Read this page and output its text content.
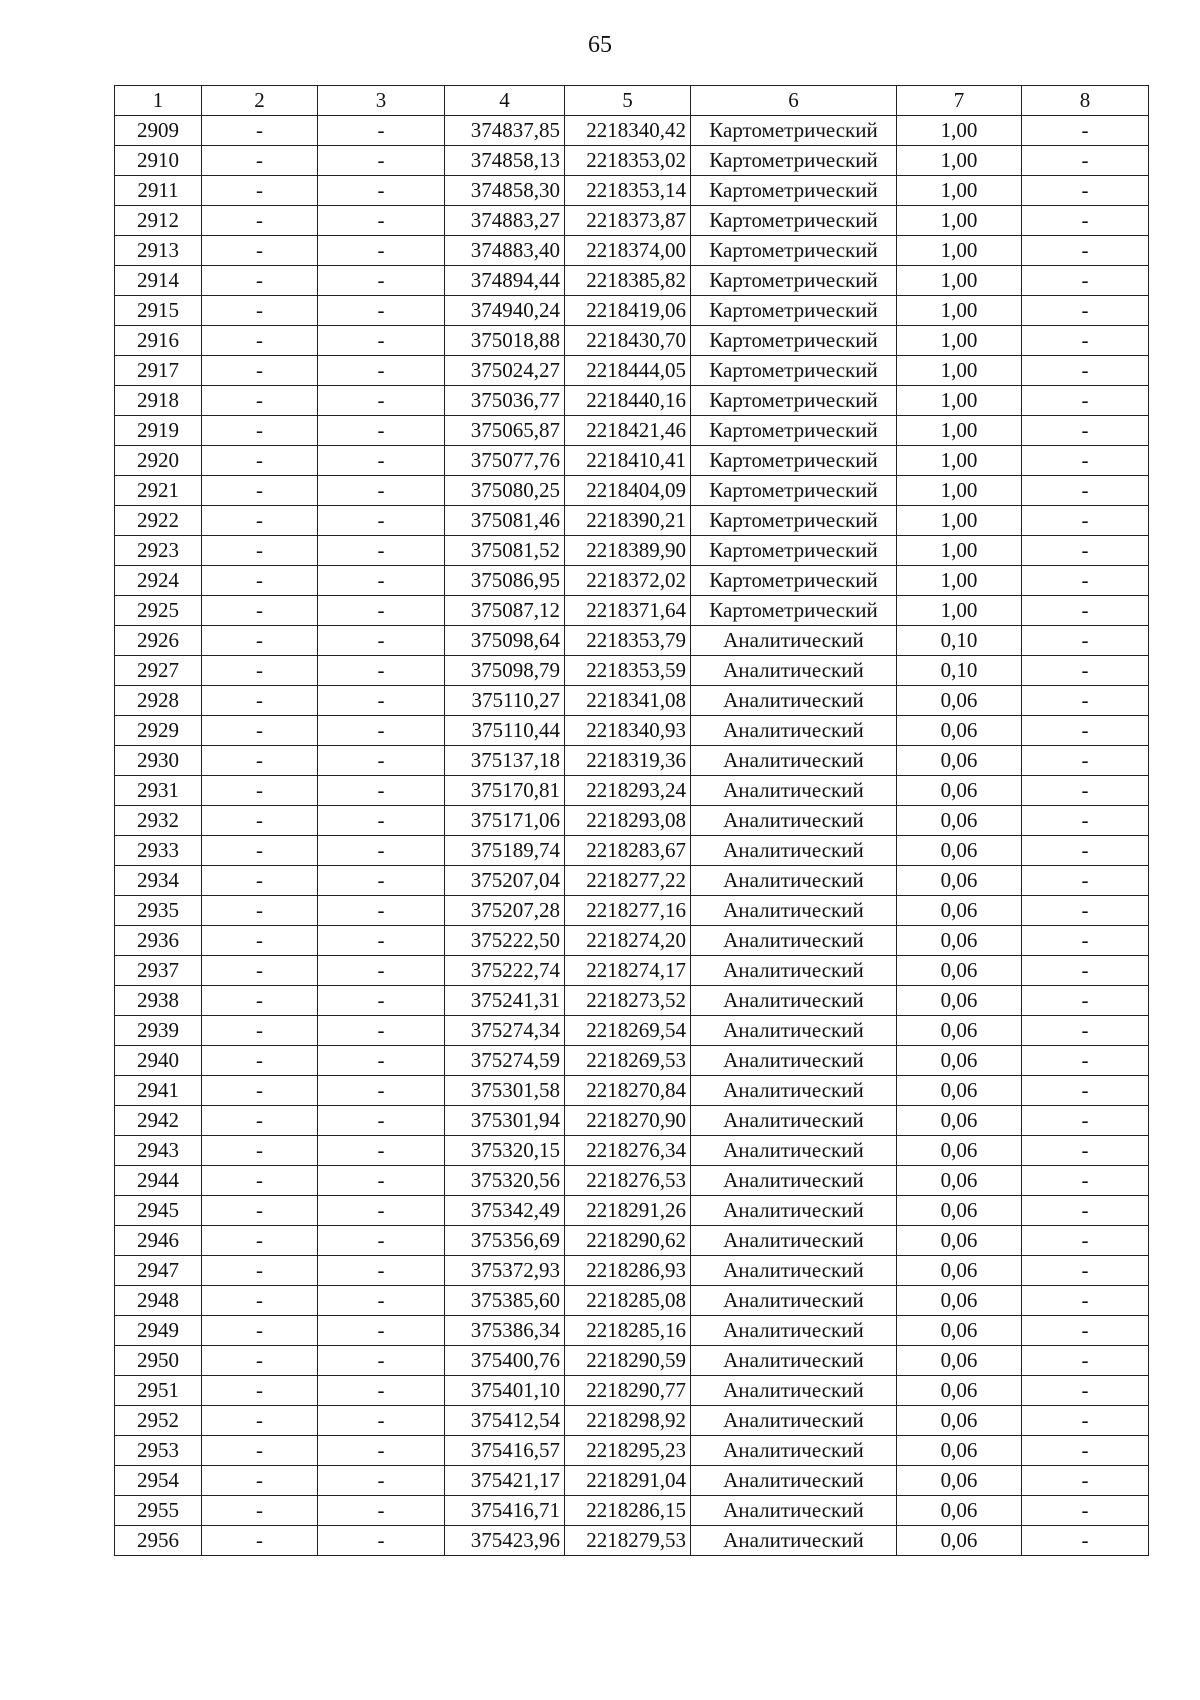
65
1	2	3	4	5	6	7	8
2909	-	-	374837,85	2218340,42	Картометрический	1,00	-
2910	-	-	374858,13	2218353,02	Картометрический	1,00	-
2911	-	-	374858,30	2218353,14	Картометрический	1,00	-
2912	-	-	374883,27	2218373,87	Картометрический	1,00	-
2913	-	-	374883,40	2218374,00	Картометрический	1,00	-
2914	-	-	374894,44	2218385,82	Картометрический	1,00	-
2915	-	-	374940,24	2218419,06	Картометрический	1,00	-
2916	-	-	375018,88	2218430,70	Картометрический	1,00	-
2917	-	-	375024,27	2218444,05	Картометрический	1,00	-
2918	-	-	375036,77	2218440,16	Картометрический	1,00	-
2919	-	-	375065,87	2218421,46	Картометрический	1,00	-
2920	-	-	375077,76	2218410,41	Картометрический	1,00	-
2921	-	-	375080,25	2218404,09	Картометрический	1,00	-
2922	-	-	375081,46	2218390,21	Картометрический	1,00	-
2923	-	-	375081,52	2218389,90	Картометрический	1,00	-
2924	-	-	375086,95	2218372,02	Картометрический	1,00	-
2925	-	-	375087,12	2218371,64	Картометрический	1,00	-
2926	-	-	375098,64	2218353,79	Аналитический	0,10	-
2927	-	-	375098,79	2218353,59	Аналитический	0,10	-
2928	-	-	375110,27	2218341,08	Аналитический	0,06	-
2929	-	-	375110,44	2218340,93	Аналитический	0,06	-
2930	-	-	375137,18	2218319,36	Аналитический	0,06	-
2931	-	-	375170,81	2218293,24	Аналитический	0,06	-
2932	-	-	375171,06	2218293,08	Аналитический	0,06	-
2933	-	-	375189,74	2218283,67	Аналитический	0,06	-
2934	-	-	375207,04	2218277,22	Аналитический	0,06	-
2935	-	-	375207,28	2218277,16	Аналитический	0,06	-
2936	-	-	375222,50	2218274,20	Аналитический	0,06	-
2937	-	-	375222,74	2218274,17	Аналитический	0,06	-
2938	-	-	375241,31	2218273,52	Аналитический	0,06	-
2939	-	-	375274,34	2218269,54	Аналитический	0,06	-
2940	-	-	375274,59	2218269,53	Аналитический	0,06	-
2941	-	-	375301,58	2218270,84	Аналитический	0,06	-
2942	-	-	375301,94	2218270,90	Аналитический	0,06	-
2943	-	-	375320,15	2218276,34	Аналитический	0,06	-
2944	-	-	375320,56	2218276,53	Аналитический	0,06	-
2945	-	-	375342,49	2218291,26	Аналитический	0,06	-
2946	-	-	375356,69	2218290,62	Аналитический	0,06	-
2947	-	-	375372,93	2218286,93	Аналитический	0,06	-
2948	-	-	375385,60	2218285,08	Аналитический	0,06	-
2949	-	-	375386,34	2218285,16	Аналитический	0,06	-
2950	-	-	375400,76	2218290,59	Аналитический	0,06	-
2951	-	-	375401,10	2218290,77	Аналитический	0,06	-
2952	-	-	375412,54	2218298,92	Аналитический	0,06	-
2953	-	-	375416,57	2218295,23	Аналитический	0,06	-
2954	-	-	375421,17	2218291,04	Аналитический	0,06	-
2955	-	-	375416,71	2218286,15	Аналитический	0,06	-
2956	-	-	375423,96	2218279,53	Аналитический	0,06	-
